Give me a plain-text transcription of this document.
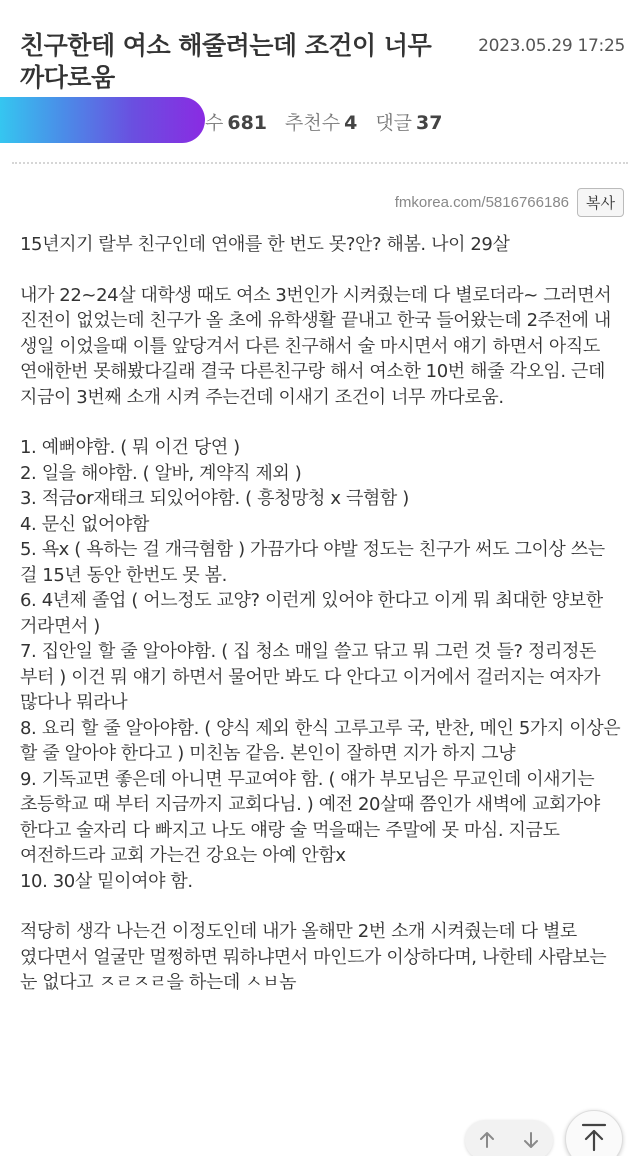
친구한테 여소 해줄려는데 조건이 너무 까다로움
2023.05.29 17:25
수 681 추천수 4 댓글 37
fmkorea.com/5816766186	복사

15년지기 랄부 친구인데 연애를 한 번도 못?안? 해봄. 나이 29살

내가 22~24살 대학생 때도 여소 3번인가 시켜줬는데 다 별로더라~ 그러면서 진전이 없었는데 친구가 올 초에 유학생활 끝내고 한국 들어왔는데 2주전에 내 생일 이었을때 이틀 앞당겨서 다른 친구해서 술 마시면서 얘기 하면서 아직도 연애한번 못해봤다길래 결국 다른친구랑 해서 여소한 10번 해줄 각오임. 근데 지금이 3번째 소개 시켜 주는건데 이새기 조건이 너무 까다로움.

1. 예뻐야함. ( 뭐 이건 당연 )

2. 일을 해야함. ( 알바, 계약직 제외 )

3. 적금or재태크 되있어야함. ( 흥청망청 x 극혐함 )

4. 문신 없어야함

5. 욕x ( 욕하는 걸 개극혐함 ) 가끔가다 야발 정도는 친구가 써도 그이상 쓰는 걸 15년 동안 한번도 못 봄.

6. 4년제 졸업 ( 어느정도 교양? 이런게 있어야 한다고 이게 뭐 최대한 양보한 거라면서 )

7. 집안일 할 줄 알아야함. ( 집 청소 매일 쓸고 닦고 뭐 그런 것 들? 정리정돈 부터 ) 이건 뭐 얘기 하면서 물어만 봐도 다 안다고 이거에서 걸러지는 여자가 많다나 뭐라나

8. 요리 할 줄 알아야함. ( 양식 제외 한식 고루고루 국, 반찬, 메인 5가지 이상은 할 줄 알아야 한다고 ) 미친놈 같음. 본인이 잘하면 지가 하지 그냥

9. 기독교면 좋은데 아니면 무교여야 함. ( 얘가 부모님은 무교인데 이새기는 초등학교 때 부터 지금까지 교회다님. ) 예전 20살때 쯤인가 새벽에 교회가야 한다고 술자리 다 빠지고 나도 얘랑 술 먹을때는 주말에 못 마심. 지금도 여전하드라 교회 가는건 강요는 아예 안함x

10. 30살 밑이여야 함.

적당히 생각 나는건 이정도인데 내가 올해만 2번 소개 시켜줬는데 다 별로 였다면서 얼굴만 멀쩡하면 뭐하냐면서 마인드가 이상하다며, 나한테 사람보는 눈 없다고 ㅈㄹㅈㄹ을 하는데 ㅅㅂ놈
